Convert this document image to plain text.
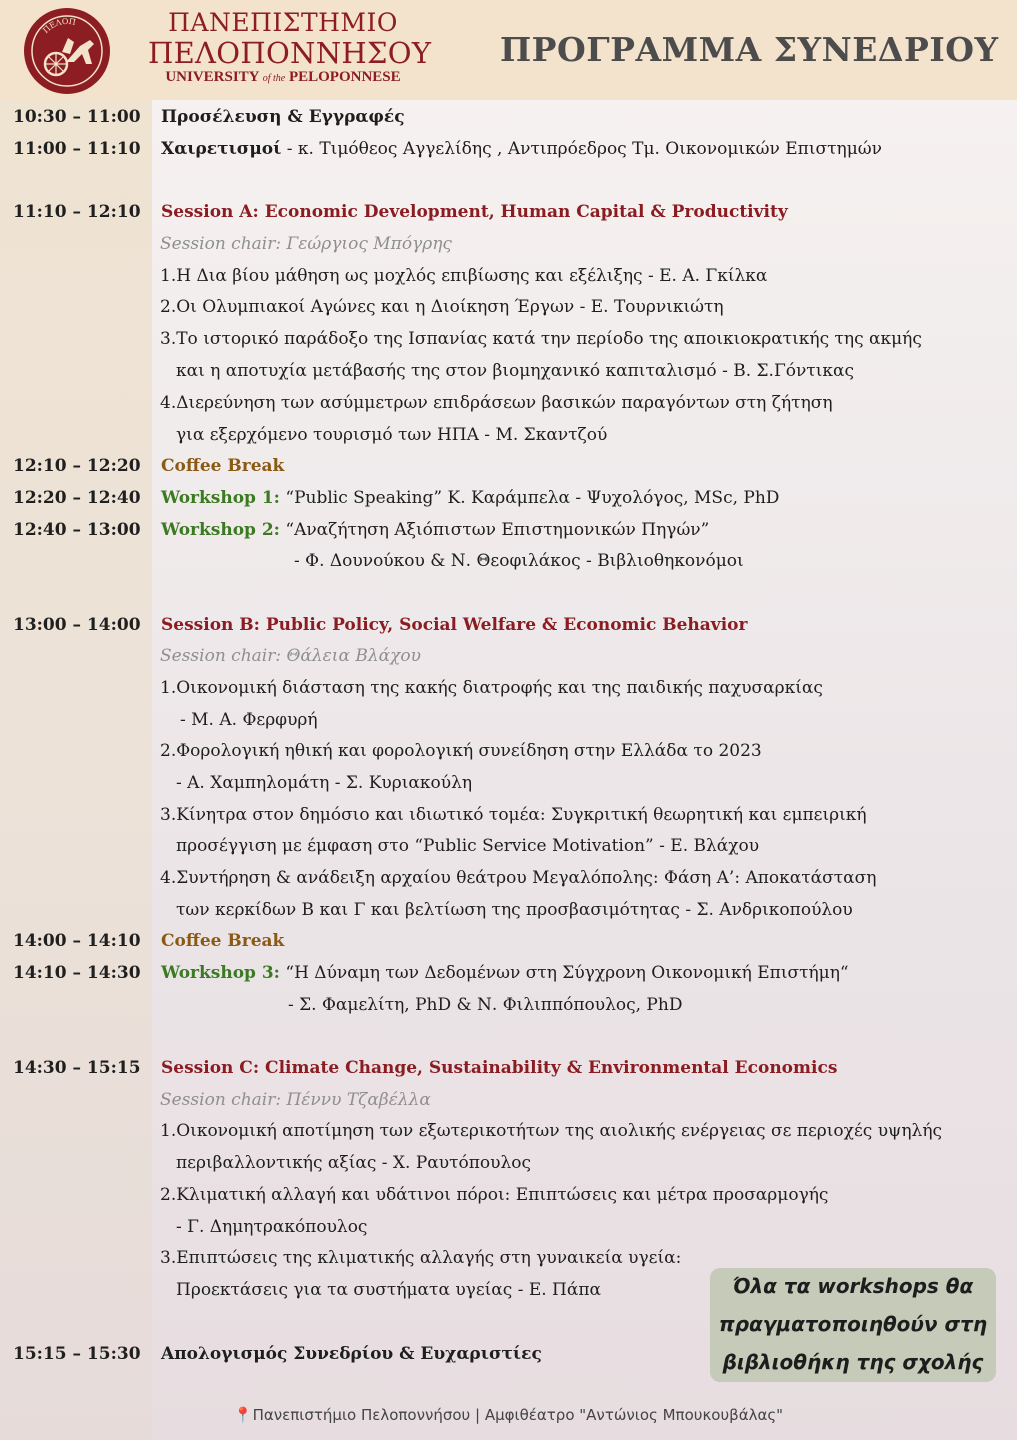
ΠΕΛΟΠ	ΠΑΝΕΠΙΣΤΗΜΙΟ
ΠΕΛΟΠΟΝΝΗΣΟΥ
UNIVERSITY of the PELOPONNESE
ΠΡΟΓΡΑΜΜΑ ΣΥΝΕΔΡΙΟΥ
10:30 – 11:00 Προσέλευση & Εγγραφές
11:00 – 11:10 Χαιρετισμοί - κ. Τιμόθεος Αγγελίδης , Αντιπρόεδρος Τμ. Οικονομικών Επιστημών
11:10 – 12:10 Session A: Economic Development, Human Capital & Productivity
Session chair: Γεώργιος Μπόγρης
1.Η Δια βίου μάθηση ως μοχλός επιβίωσης και εξέλιξης - Ε. Α. Γκίλκα
2.Οι Ολυμπιακοί Αγώνες και η Διοίκηση Έργων - Ε. Τουρνικιώτη
3.Το ιστορικό παράδοξο της Ισπανίας κατά την περίοδο της αποικιοκρατικής της ακμής
και η αποτυχία μετάβασής της στον βιομηχανικό καπιταλισμό - Β. Σ.Γόντικας
4.Διερεύνηση των ασύμμετρων επιδράσεων βασικών παραγόντων στη ζήτηση
για εξερχόμενο τουρισμό των ΗΠΑ - Μ. Σκαντζού
12:10 – 12:20 Coffee Break
12:20 – 12:40 Workshop 1: “Public Speaking” Κ. Καράμπελα - Ψυχολόγος, MSc, PhD
12:40 – 13:00 Workshop 2: “Αναζήτηση Αξιόπιστων Επιστημονικών Πηγών”
- Φ. Δουνούκου & Ν. Θεοφιλάκος - Βιβλιοθηκονόμοι
13:00 – 14:00 Session B: Public Policy, Social Welfare & Economic Behavior
Session chair: Θάλεια Βλάχου
1.Οικονομική διάσταση της κακής διατροφής και της παιδικής παχυσαρκίας
- Μ. Α. Φερφυρή
2.Φορολογική ηθική και φορολογική συνείδηση στην Ελλάδα το 2023
- Α. Χαμπηλομάτη - Σ. Κυριακούλη
3.Κίνητρα στον δημόσιο και ιδιωτικό τομέα: Συγκριτική θεωρητική και εμπειρική
προσέγγιση με έμφαση στο “Public Service Motivation” - Ε. Βλάχου
4.Συντήρηση & ανάδειξη αρχαίου θεάτρου Μεγαλόπολης: Φάση Α’: Αποκατάσταση
των κερκίδων Β και Γ και βελτίωση της προσβασιμότητας - Σ. Ανδρικοπούλου
14:00 – 14:10 Coffee Break
14:10 – 14:30 Workshop 3: “Η Δύναμη των Δεδομένων στη Σύγχρονη Οικονομική Επιστήμη“
- Σ. Φαμελίτη, PhD & Ν. Φιλιππόπουλος, PhD
14:30 – 15:15 Session C: Climate Change, Sustainability & Environmental Economics
Session chair: Πέννυ Τζαβέλλα
1.Οικονομική αποτίμηση των εξωτερικοτήτων της αιολικής ενέργειας σε περιοχές υψηλής
περιβαλλοντικής αξίας - Χ. Ραυτόπουλος
2.Κλιματική αλλαγή και υδάτινοι πόροι: Επιπτώσεις και μέτρα προσαρμογής
- Γ. Δημητρακόπουλος
3.Επιπτώσεις της κλιματικής αλλαγής στη γυναικεία υγεία:
Προεκτάσεις για τα συστήματα υγείας - Ε. Πάπα
15:15 – 15:30 Απολογισμός Συνεδρίου & Ευχαριστίες
Όλα τα workshops θα
πραγματοποιηθούν στη
βιβλιοθήκη της σχολής
📍Πανεπιστήμιο Πελοποννήσου | Αμφιθέατρο "Αντώνιος Μπουκουβάλας"
